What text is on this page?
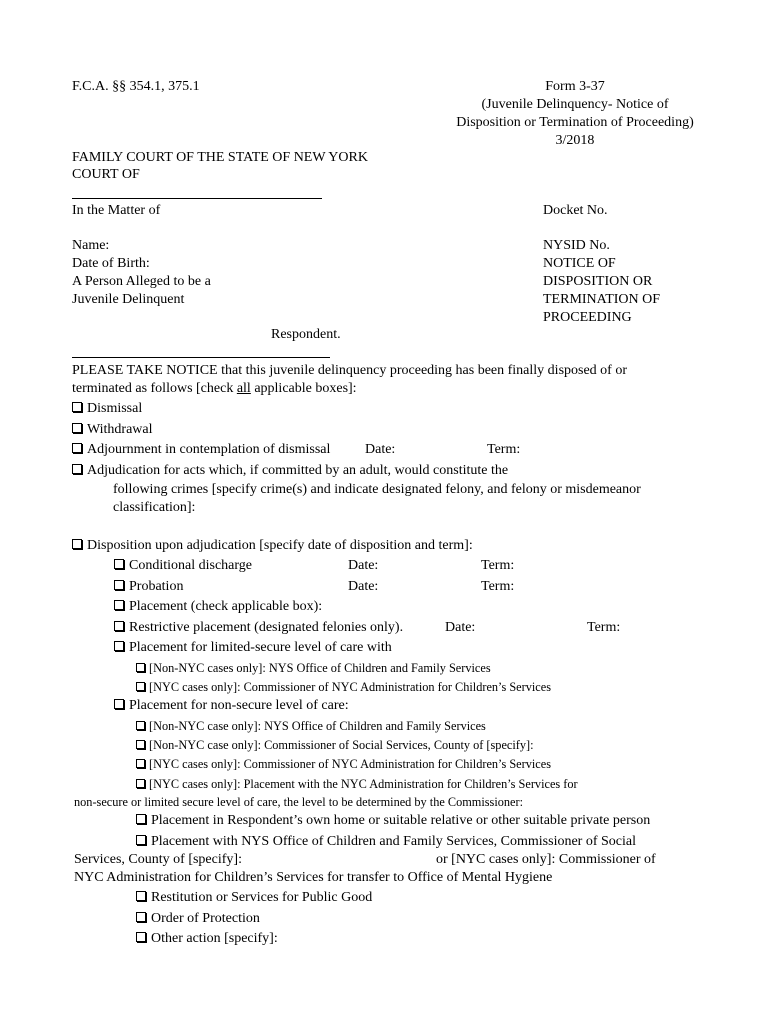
F.C.A. §§ 354.1, 375.1	Form 3-37
(Juvenile Delinquency- Notice of
Disposition or Termination of Proceeding)
3/2018
FAMILY COURT OF THE STATE OF NEW YORK
COURT OF
In the Matter of	Docket No.
Name:
Date of Birth:
A Person Alleged to be a
Juvenile Delinquent
NYSID No.
NOTICE OF
DISPOSITION OR
TERMINATION OF
PROCEEDING
Respondent.
PLEASE TAKE NOTICE that this juvenile delinquency proceeding has been finally disposed of or
terminated as follows [check all applicable boxes]:
Dismissal
Withdrawal
Adjournment in contemplation of dismissal Date:	Term:
Adjudication for acts which, if committed by an adult, would constitute the
following crimes [specify crime(s) and indicate designated felony, and felony or misdemeanor
classification]:
Disposition upon adjudication [specify date of disposition and term]:
Conditional discharge	Date:	Term:
Probation	Date:	Term:
Placement (check applicable box):
Restrictive placement (designated felonies only).	Date:	Term:
Placement for limited-secure level of care with
[Non-NYC cases only]: NYS Office of Children and Family Services
[NYC cases only]: Commissioner of NYC Administration for Children’s Services
Placement for non-secure level of care:
[Non-NYC case only]: NYS Office of Children and Family Services
[Non-NYC case only]: Commissioner of Social Services, County of [specify]:
[NYC cases only]: Commissioner of NYC Administration for Children’s Services
[NYC cases only]: Placement with the NYC Administration for Children’s Services for
non-secure or limited secure level of care, the level to be determined by the Commissioner:
Placement in Respondent’s own home or suitable relative or other suitable private person
Placement with NYS Office of Children and Family Services, Commissioner of Social
Services, County of [specify]:	or [NYC cases only]: Commissioner of
NYC Administration for Children’s Services for transfer to Office of Mental Hygiene
Restitution or Services for Public Good
Order of Protection
Other action [specify]:
